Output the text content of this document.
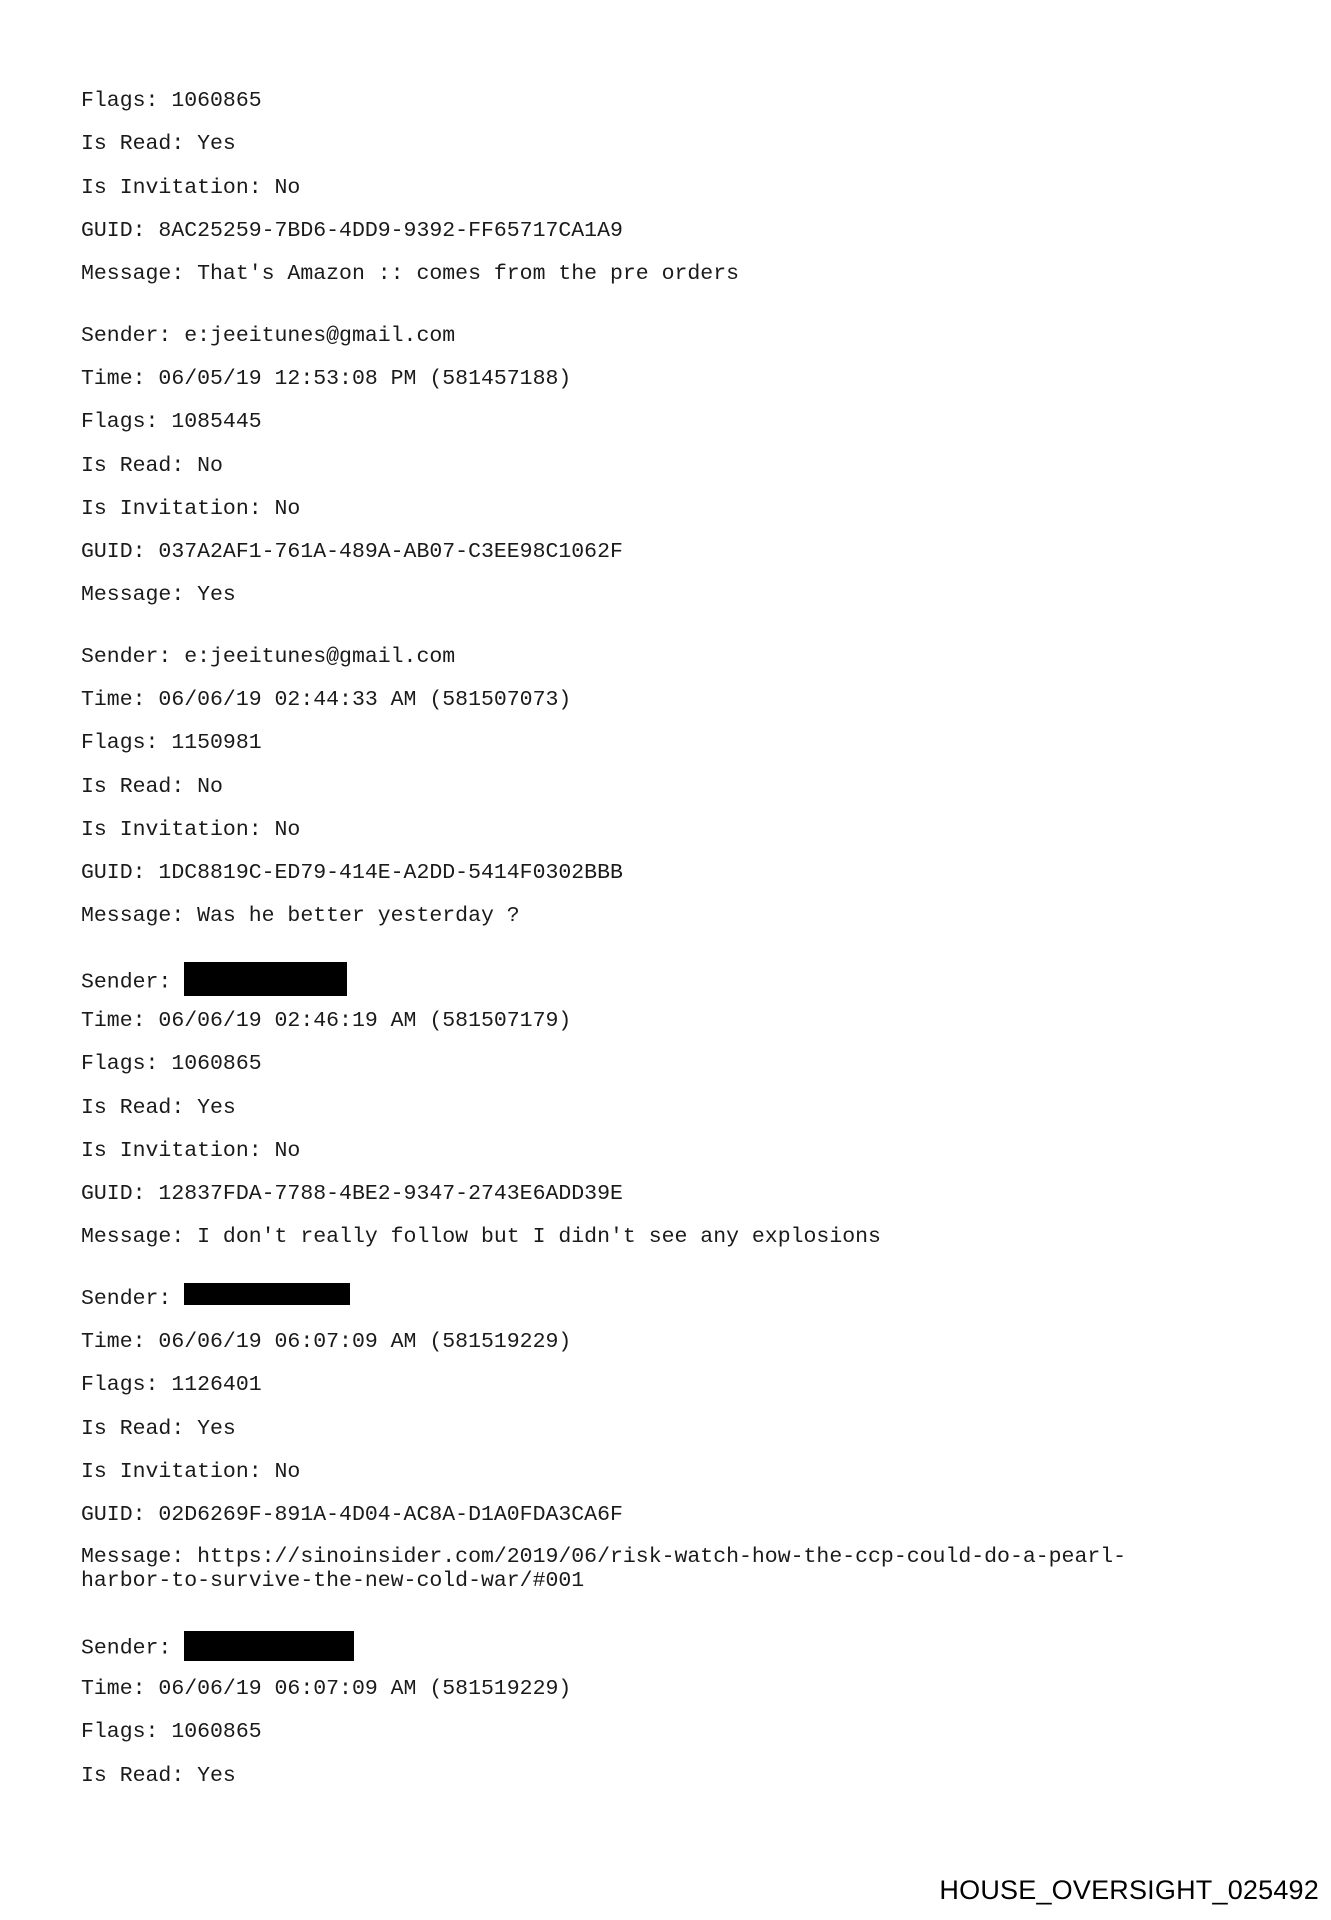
Flags: 1060865
Is Read: Yes
Is Invitation: No
GUID: 8AC25259-7BD6-4DD9-9392-FF65717CA1A9
Message: That's Amazon :: comes from the pre orders
Sender: e:jeeitunes@gmail.com
Time: 06/05/19 12:53:08 PM (581457188)
Flags: 1085445
Is Read: No
Is Invitation: No
GUID: 037A2AF1-761A-489A-AB07-C3EE98C1062F
Message: Yes
Sender: e:jeeitunes@gmail.com
Time: 06/06/19 02:44:33 AM (581507073)
Flags: 1150981
Is Read: No
Is Invitation: No
GUID: 1DC8819C-ED79-414E-A2DD-5414F0302BBB
Message: Was he better yesterday ?
Sender:
Time: 06/06/19 02:46:19 AM (581507179)
Flags: 1060865
Is Read: Yes
Is Invitation: No
GUID: 12837FDA-7788-4BE2-9347-2743E6ADD39E
Message: I don't really follow but I didn't see any explosions
Sender:
Time: 06/06/19 06:07:09 AM (581519229)
Flags: 1126401
Is Read: Yes
Is Invitation: No
GUID: 02D6269F-891A-4D04-AC8A-D1A0FDA3CA6F
Message: https://sinoinsider.com/2019/06/risk-watch-how-the-ccp-could-do-a-pearl-
harbor-to-survive-the-new-cold-war/#001
Sender:
Time: 06/06/19 06:07:09 AM (581519229)
Flags: 1060865
Is Read: Yes
HOUSE_OVERSIGHT_025492
